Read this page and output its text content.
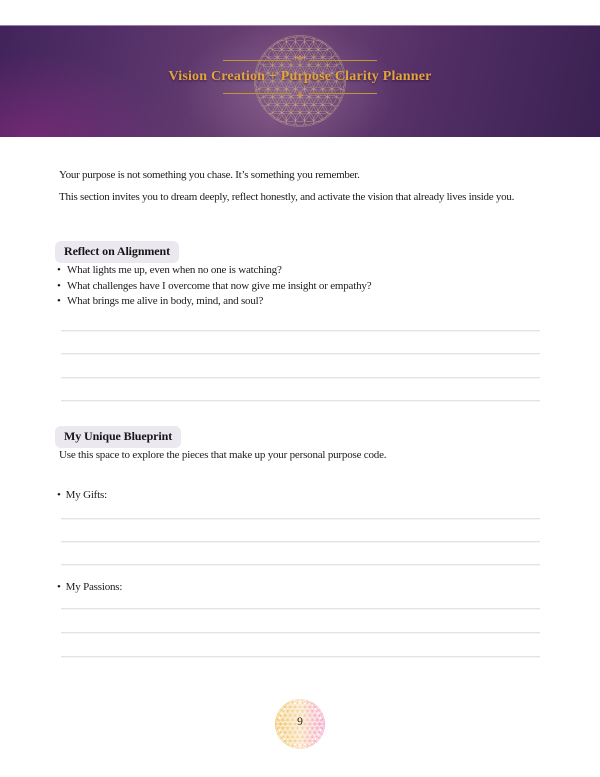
⚜
Vision Creation + Purpose Clarity Planner
⚜

Your purpose is not something you chase. It’s something you remember.

This section invites you to dream deeply, reflect honestly, and activate the vision that already lives inside you.

Reflect on Alignment
• What lights me up, even when no one is watching?
• What challenges have I overcome that now give me insight or empathy?
• What brings me alive in body, mind, and soul?
My Unique Blueprint

Use this space to explore the pieces that make up your personal purpose code.

• My Gifts:

• My Passions:

9
